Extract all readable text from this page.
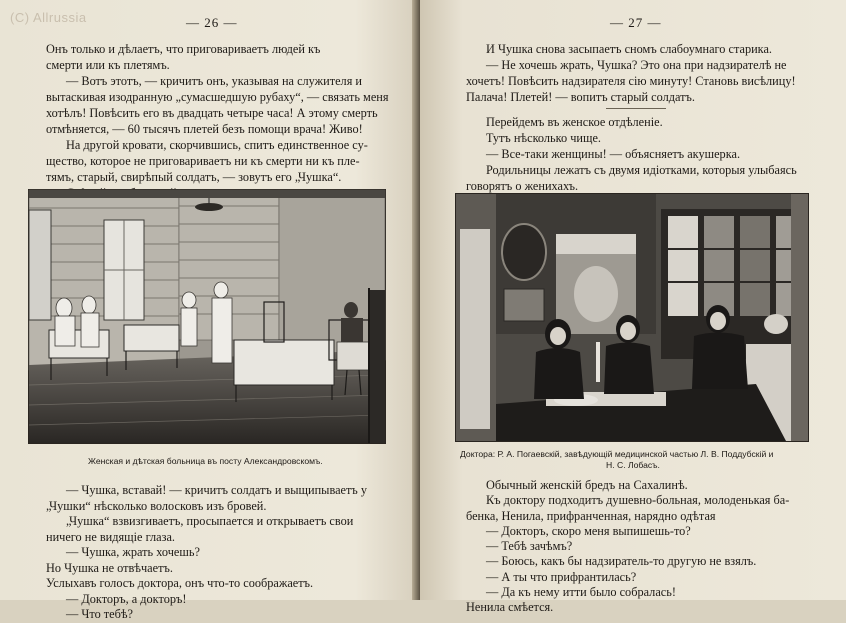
(C) Allrussia	— 26 —

Онъ только и дѣлаетъ, что приговариваетъ людей къ

смерти или къ плетямъ.

— Вотъ этотъ, — кричитъ онъ, указывая на служителя и

вытаскивая изодранную „сумасшедшую рубаху“, — связать меня

хотѣлъ! Повѣсить его въ двадцать четыре часа! А этому смерть

отмѣняется, — 60 тысячъ плетей безъ помощи врача! Живо!

На другой кровати, скорчившись, спитъ единственное су-

щество, которое не приговариваетъ ни къ смерти ни къ пле-

тямъ, старый, свирѣпый солдатъ, — зовутъ его „Чушка“.

Женская и дѣтская больница въ посту Александровскомъ.

— Чушка, вставай! — кричитъ солдатъ и выщипываетъ у

„Чушки“ нѣсколько волосковъ изъ бровей.

„Чушка“ взвизгиваетъ, просыпается и открываетъ свои

ничего не видящіе глаза.

— Чушка, жрать хочешь?

Но Чушка не отвѣчаетъ.

Услыхавъ голосъ доктора, онъ что-то соображаетъ.

— Докторъ, а докторъ!

— Что тебѣ?

— 27 —

И Чушка снова засыпаетъ сномъ слабоумнаго старика.

— Не хочешь жрать, Чушка? Это она при надзирателѣ не

хочетъ! Повѣсить надзирателя сію минуту! Становь висѣлицу!

Палача! Плетей! — вопитъ старый солдатъ.

Перейдемъ въ женское отдѣленіе.

Тутъ нѣсколько чище.

— Все-таки женщины! — объясняетъ акушерка.

Родильницы лежатъ съ двумя идіотками, которыя улыбаясь

говорятъ о женихахъ.

Доктора: Р. А. Погаевскій, завѣдующій медицинской частью Л. В. Поддубскій и
Н. С. Лобасъ.

Обычный женскій бредъ на Сахалинѣ.

Къ доктору подходитъ душевно-больная, молоденькая ба-

бенка, Ненила, прифранченная, нарядно одѣтая

— Докторъ, скоро меня выпишешь-то?

— Тебѣ зачѣмъ?

— Боюсь, какъ бы надзиратель-то другую не взялъ.

— А ты что прифрантилась?

— Да къ нему итти было собралась!

Ненила смѣется.
